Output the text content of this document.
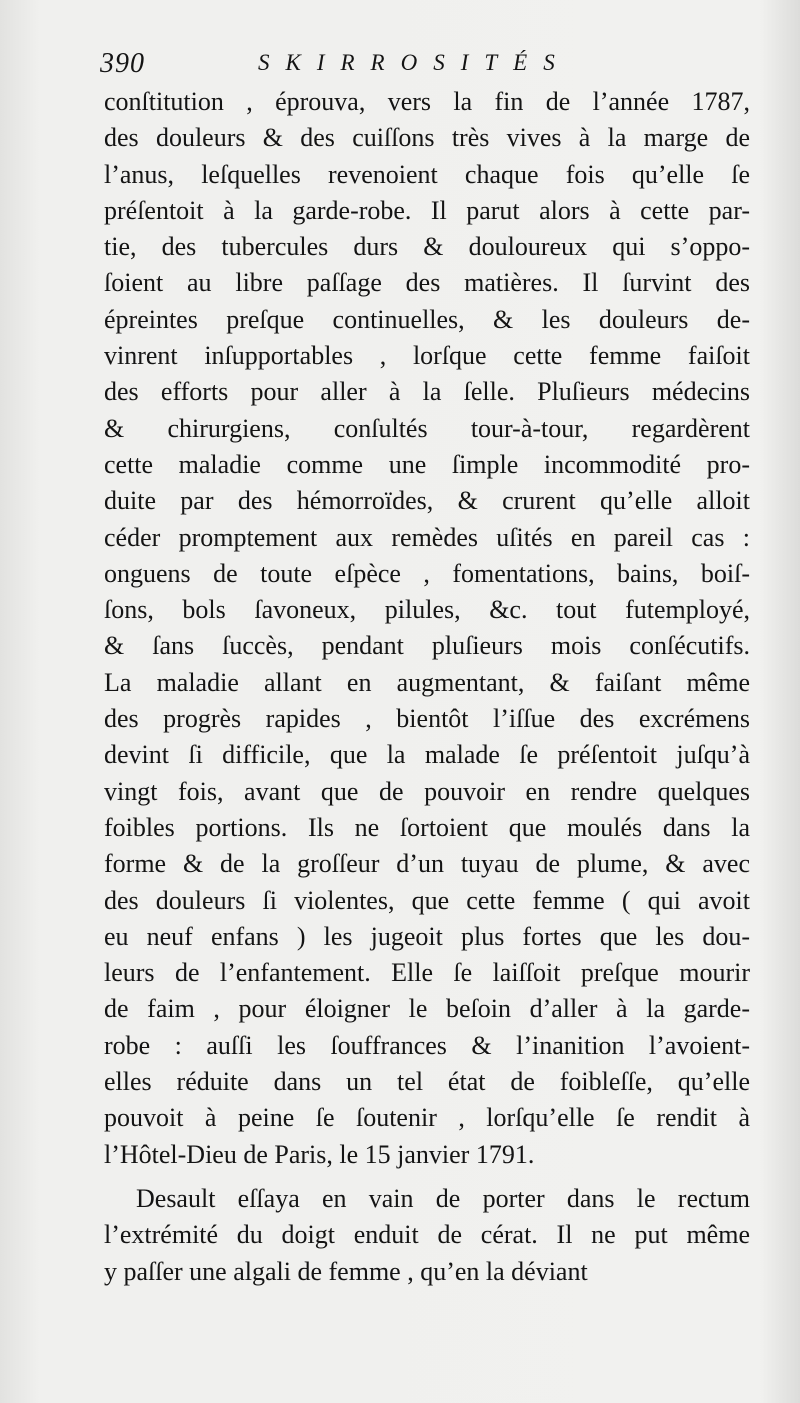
390	SKIRROSITÉS
conſtitution , éprouva, vers la fin de l’année 1787,
des douleurs & des cuiſſons très vives à la marge de
l’anus, leſquelles revenoient chaque fois qu’elle ſe
préſentoit à la garde-robe. Il parut alors à cette par-
tie, des tubercules durs & douloureux qui s’oppo-
ſoient au libre paſſage des matières. Il ſurvint des
épreintes preſque continuelles, & les douleurs de-
vinrent inſupportables , lorſque cette femme faiſoit
des efforts pour aller à la ſelle. Pluſieurs médecins
& chirurgiens, conſultés tour-à-tour, regardèrent
cette maladie comme une ſimple incommodité pro-
duite par des hémorroïdes, & crurent qu’elle alloit
céder promptement aux remèdes uſités en pareil cas :
onguens de toute eſpèce , fomentations, bains, boiſ-
ſons, bols ſavoneux, pilules, &c. tout futemployé,
& ſans ſuccès, pendant pluſieurs mois conſécutifs.
La maladie allant en augmentant, & faiſant même
des progrès rapides , bientôt l’iſſue des excrémens
devint ſi difficile, que la malade ſe préſentoit juſqu’à
vingt fois, avant que de pouvoir en rendre quelques
foibles portions. Ils ne ſortoient que moulés dans la
forme & de la groſſeur d’un tuyau de plume, & avec
des douleurs ſi violentes, que cette femme ( qui avoit
eu neuf enfans ) les jugeoit plus fortes que les dou-
leurs de l’enfantement. Elle ſe laiſſoit preſque mourir
de faim , pour éloigner le beſoin d’aller à la garde-
robe : auſſi les ſouffrances & l’inanition l’avoient-
elles réduite dans un tel état de foibleſſe, qu’elle
pouvoit à peine ſe ſoutenir , lorſqu’elle ſe rendit à
l’Hôtel-Dieu de Paris, le 15 janvier 1791.
Desault eſſaya en vain de porter dans le rectum
l’extrémité du doigt enduit de cérat. Il ne put même
y paſſer une algali de femme , qu’en la déviant
